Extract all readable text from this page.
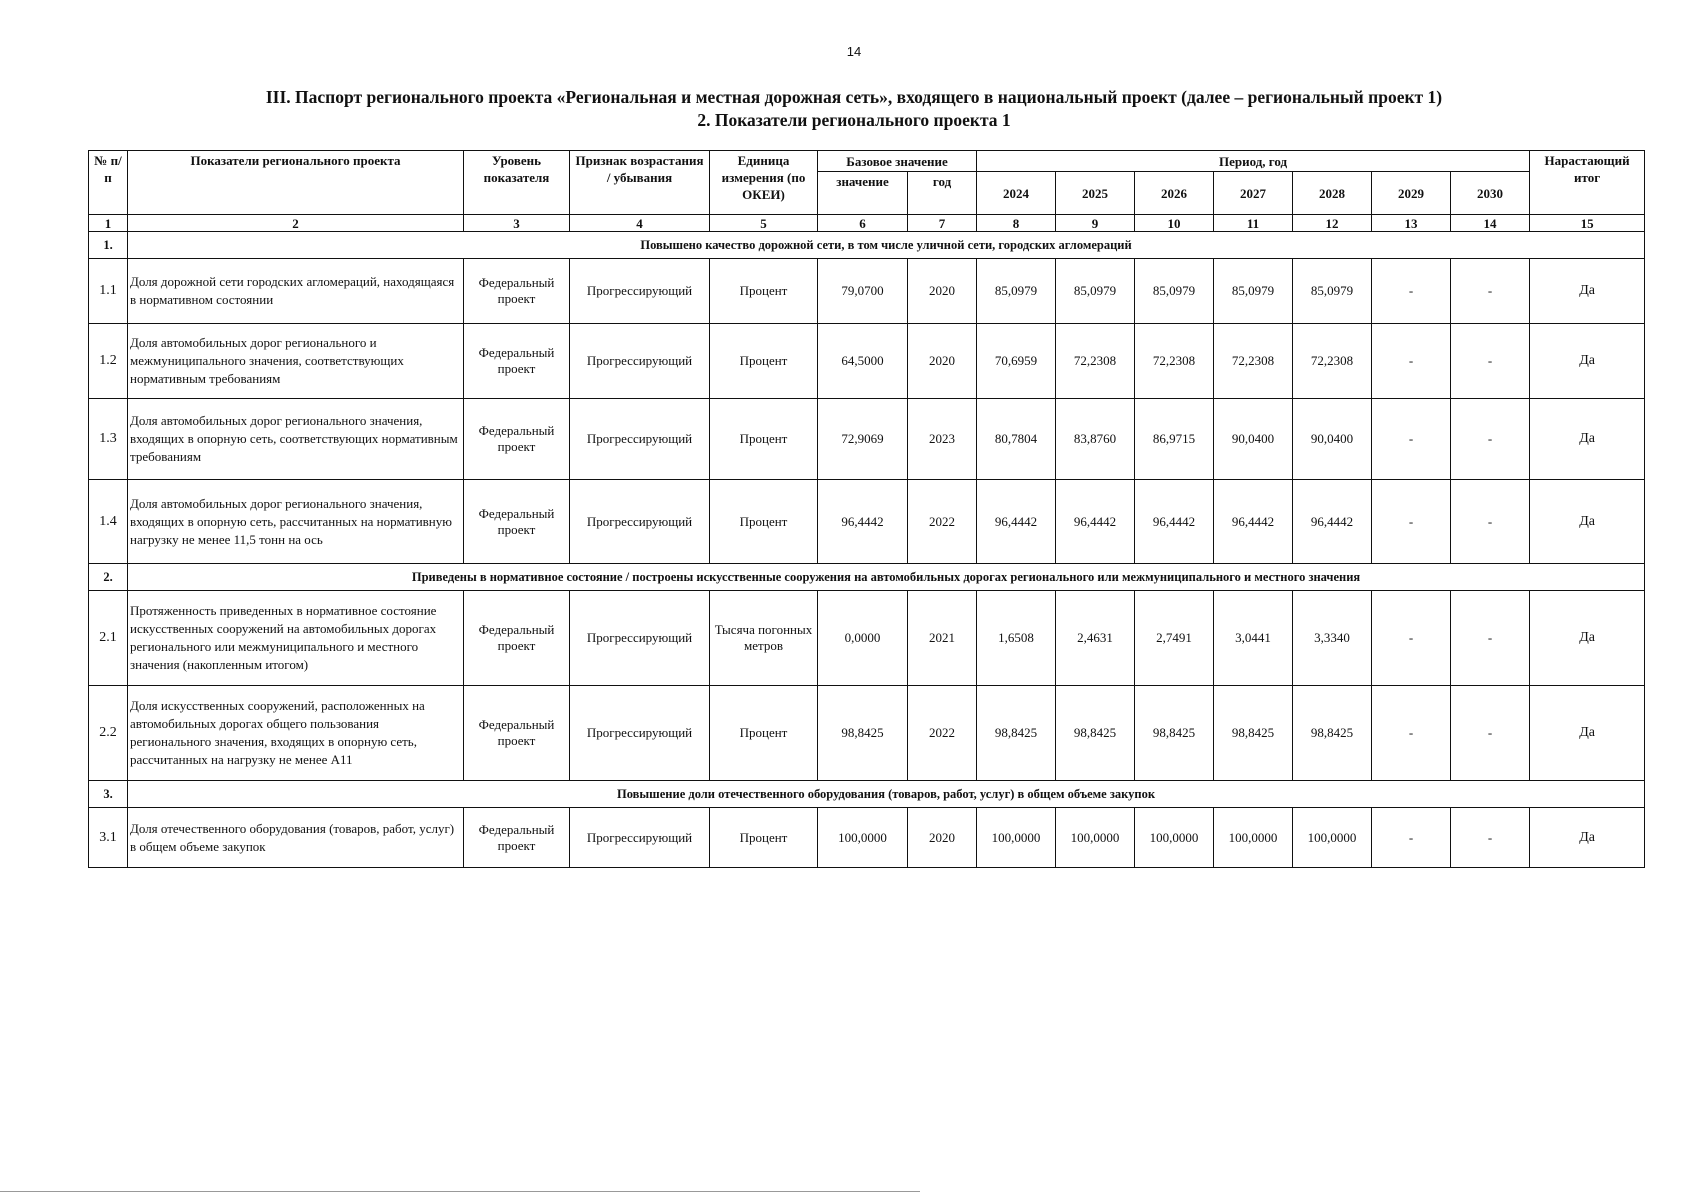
14
III. Паспорт регионального проекта «Региональная и местная дорожная сеть», входящего в национальный проект (далее – региональный проект 1)
2. Показатели регионального проекта 1
№ п/п	Показатели регионального проекта	Уровень показателя	Признак возрастания / убывания	Единица измерения (по ОКЕИ)	Базовое значение		Период, год							Нарастающий итог
					значение	год	2024	2025	2026	2027	2028	2029	2030	
1	2	3	4	5	6	7	8	9	10	11	12	13	14	15
1.	Повышено качество дорожной сети, в том числе уличной сети, городских агломераций													
1.1	Доля дорожной сети городских агломераций, находящаяся в нормативном состоянии	Федеральный проект	Прогрессирующий	Процент	79,0700	2020	85,0979	85,0979	85,0979	85,0979	85,0979	-	-	Да
1.2	Доля автомобильных дорог регионального и межмуниципального значения, соответствующих нормативным требованиям	Федеральный проект	Прогрессирующий	Процент	64,5000	2020	70,6959	72,2308	72,2308	72,2308	72,2308	-	-	Да
1.3	Доля автомобильных дорог регионального значения, входящих в опорную сеть, соответствующих нормативным требованиям	Федеральный проект	Прогрессирующий	Процент	72,9069	2023	80,7804	83,8760	86,9715	90,0400	90,0400	-	-	Да
1.4	Доля автомобильных дорог регионального значения, входящих в опорную сеть, рассчитанных на нормативную нагрузку не менее 11,5 тонн на ось	Федеральный проект	Прогрессирующий	Процент	96,4442	2022	96,4442	96,4442	96,4442	96,4442	96,4442	-	-	Да
2.	Приведены в нормативное состояние / построены искусственные сооружения на автомобильных дорогах регионального или межмуниципального и местного значения													
2.1	Протяженность приведенных в нормативное состояние искусственных сооружений на автомобильных дорогах регионального или межмуниципального и местного значения (накопленным итогом)	Федеральный проект	Прогрессирующий	Тысяча погонных метров	0,0000	2021	1,6508	2,4631	2,7491	3,0441	3,3340	-	-	Да
2.2	Доля искусственных сооружений, расположенных на автомобильных дорогах общего пользования регионального значения, входящих в опорную сеть, рассчитанных на нагрузку не менее А11	Федеральный проект	Прогрессирующий	Процент	98,8425	2022	98,8425	98,8425	98,8425	98,8425	98,8425	-	-	Да
3.	Повышение доли отечественного оборудования (товаров, работ, услуг) в общем объеме закупок													
3.1	Доля отечественного оборудования (товаров, работ, услуг) в общем объеме закупок	Федеральный проект	Прогрессирующий	Процент	100,0000	2020	100,0000	100,0000	100,0000	100,0000	100,0000	-	-	Да
